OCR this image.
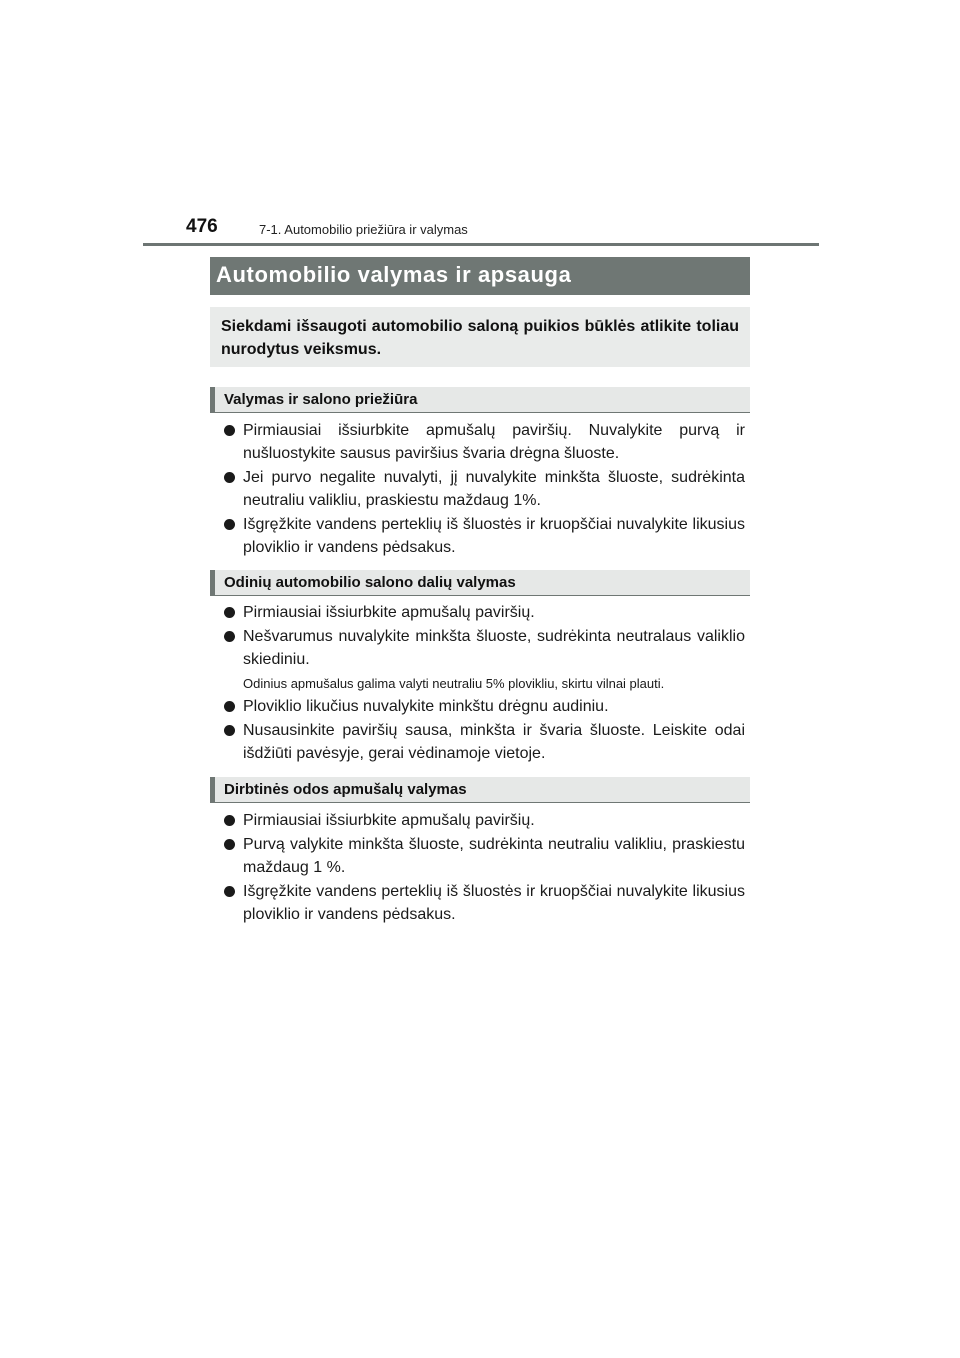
476	7-1. Automobilio priežiūra ir valymas
Automobilio valymas ir apsauga
Siekdami išsaugoti automobilio saloną puikios būklės atlikite toliau nurodytus veiksmus.
Valymas ir salono priežiūra
Pirmiausiai išsiurbkite apmušalų paviršių. Nuvalykite purvą ir nušluostykite sausus paviršius švaria drėgna šluoste.
Jei purvo negalite nuvalyti, jį nuvalykite minkšta šluoste, sudrėkinta neutraliu valikliu, praskiestu maždaug 1%.
Išgręžkite vandens perteklių iš šluostės ir kruopščiai nuvalykite likusius ploviklio ir vandens pėdsakus.
Odinių automobilio salono dalių valymas
Pirmiausiai išsiurbkite apmušalų paviršių.
Nešvarumus nuvalykite minkšta šluoste, sudrėkinta neutralaus valiklio skiediniu.
Odinius apmušalus galima valyti neutraliu 5% plovikliu, skirtu vilnai plauti.
Ploviklio likučius nuvalykite minkštu drėgnu audiniu.
Nusausinkite paviršių sausa, minkšta ir švaria šluoste. Leiskite odai išdžiūti pavėsyje, gerai vėdinamoje vietoje.
Dirbtinės odos apmušalų valymas
Pirmiausiai išsiurbkite apmušalų paviršių.
Purvą valykite minkšta šluoste, sudrėkinta neutraliu valikliu, praskiestu maždaug 1 %.
Išgręžkite vandens perteklių iš šluostės ir kruopščiai nuvalykite likusius ploviklio ir vandens pėdsakus.
